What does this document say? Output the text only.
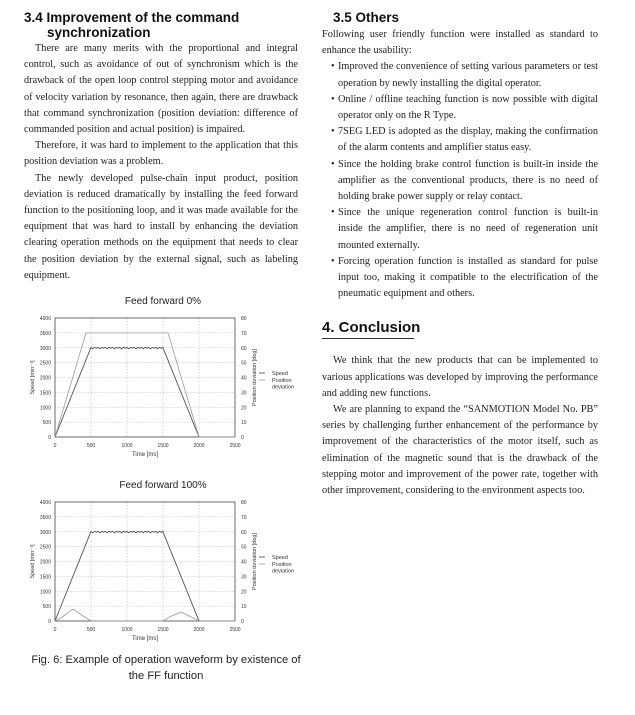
3.4 Improvement of the command
synchronization

There are many merits with the proportional and integral control, such as avoidance of out of synchronism which is the drawback of the open loop control stepping motor and avoidance of velocity variation by resonance, then again, there are drawback that command synchronization (position deviation: difference of commanded position and actual position) is impaired.

Therefore, it was hard to implement to the application that this position deviation was a problem.

The newly developed pulse-chain input product, position deviation is reduced dramatically by installing the feed forward function to the positioning loop, and it was made available for the equipment that was hard to install by enhancing the deviation clearing operation methods on the equipment that needs to clear the position deviation by the external signal, such as labeling equipment.

Feed forward 0%
0
500
1000
1500
2000
2500
3000
3500
4000
0
10
20
30
40
50
60
70
80
0	500	1000	1500	2000	2500
Time [ms]
Speed [min⁻¹]	Position deviation [deg]	Speed
Position deviation
Feed forward 100%
0
500
1000
1500
2000
2500
3000
3500
4000
0
10
20
30
40
50
60
70
80
0	500	1000	1500	2000	2500
Time [ms]
Speed [min⁻¹]	Position deviation [deg]	Speed
Position deviation
Fig. 6: Example of operation waveform by existence of the FF function
3.5 Others

Following user friendly function were installed as standard to enhance the usability:

• Improved the convenience of setting various parameters or test operation by newly installing the digital operator.
• Online / offline teaching function is now possible with digital operator only on the R Type.
• 7SEG LED is adopted as the display, making the confirmation of the alarm contents and amplifier status easy.
• Since the holding brake control function is built-in inside the amplifier as the conventional products, there is no need of holding brake power supply or relay contact.
• Since the unique regeneration control function is built-in inside the amplifier, there is no need of regeneration unit mounted externally.
• Forcing operation function is installed as standard for pulse input too, making it compatible to the electrification of the pneumatic equipment and others.
4. Conclusion

We think that the new products that can be implemented to various applications was developed by improving the performance and adding new functions.

We are planning to expand the “SANMOTION Model No. PB” series by challenging further enhancement of the performance by improvement of the characteristics of the motor itself, such as elimination of the magnetic sound that is the drawback of the stepping motor and improvement of the power rate, together with other improvement, considering to the environment aspects too.
